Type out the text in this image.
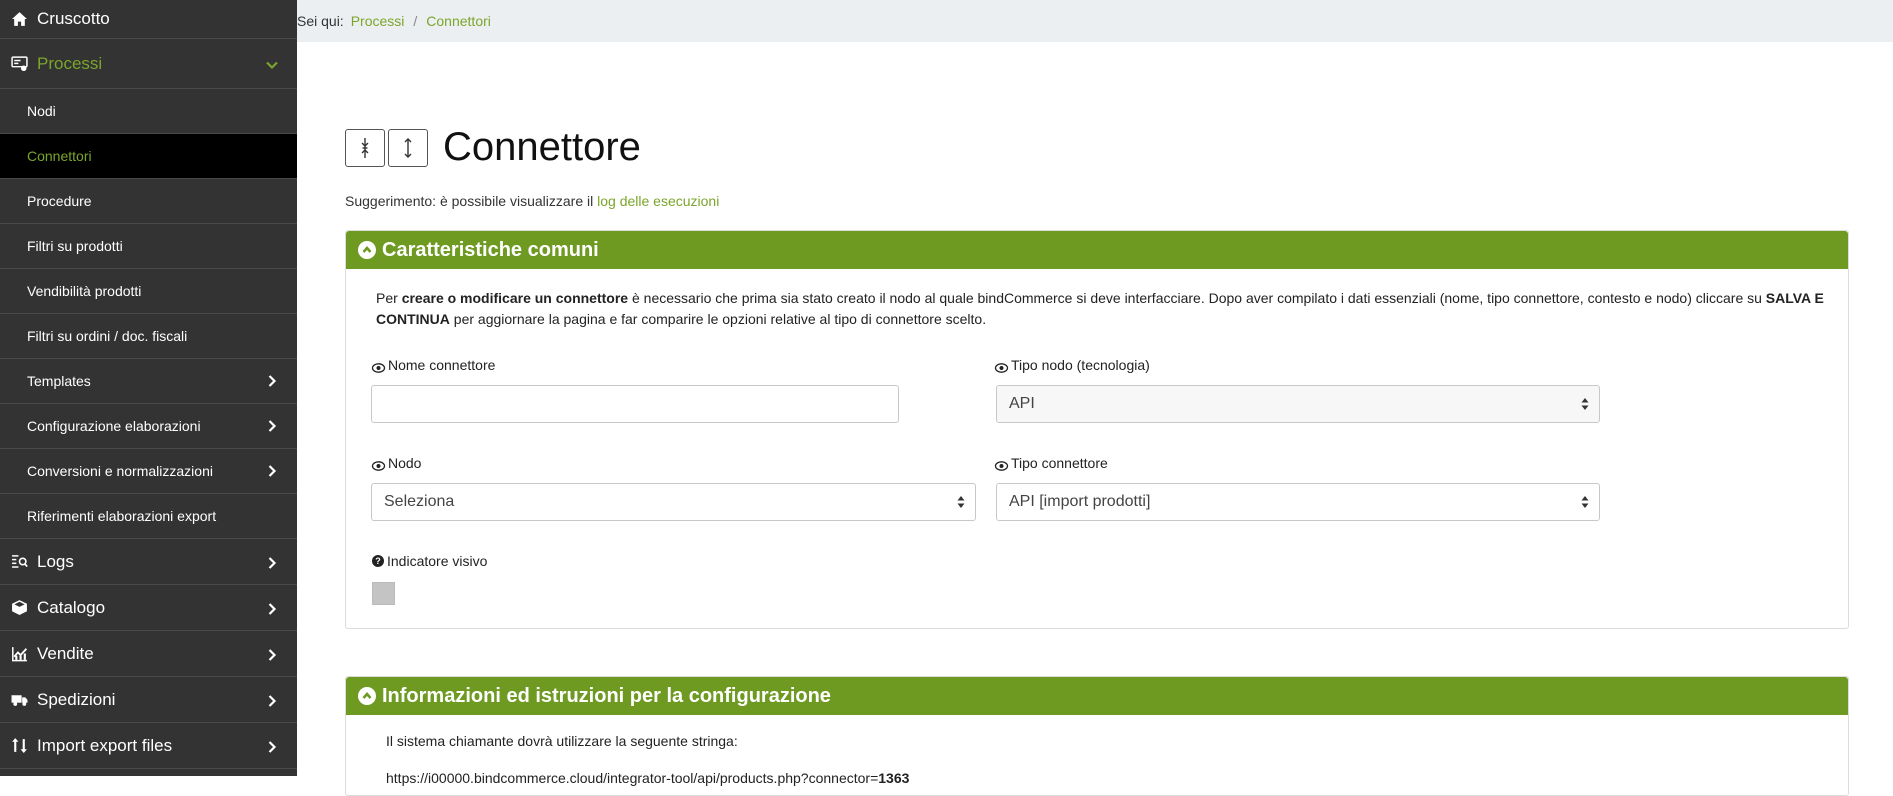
Cruscotto
Processi
Nodi
Connettori
Procedure
Filtri su prodotti
Vendibilità prodotti
Filtri su ordini / doc. fiscali
Templates
Configurazione elaborazioni
Conversioni e normalizzazioni
Riferimenti elaborazioni export
Logs
Catalogo
Vendite
Spedizioni
Import export files
Sei qui: Processi / Connettori
Connettore
Suggerimento: è possibile visualizzare il log delle esecuzioni
Caratteristiche comuni
Per creare o modificare un connettore è necessario che prima sia stato creato il nodo al quale bindCommerce si deve interfacciare. Dopo aver compilato i dati essenziali (nome, tipo connettore, contesto e nodo) cliccare su SALVA E CONTINUA per aggiornare la pagina e far comparire le opzioni relative al tipo di connettore scelto.
Nome connettore	Tipo nodo (tecnologia)
API
Nodo
Seleziona
Tipo connettore
API [import prodotti]
? Indicatore visivo
Informazioni ed istruzioni per la configurazione
Il sistema chiamante dovrà utilizzare la seguente stringa:
https://i00000.bindcommerce.cloud/integrator-tool/api/products.php?connector=1363
